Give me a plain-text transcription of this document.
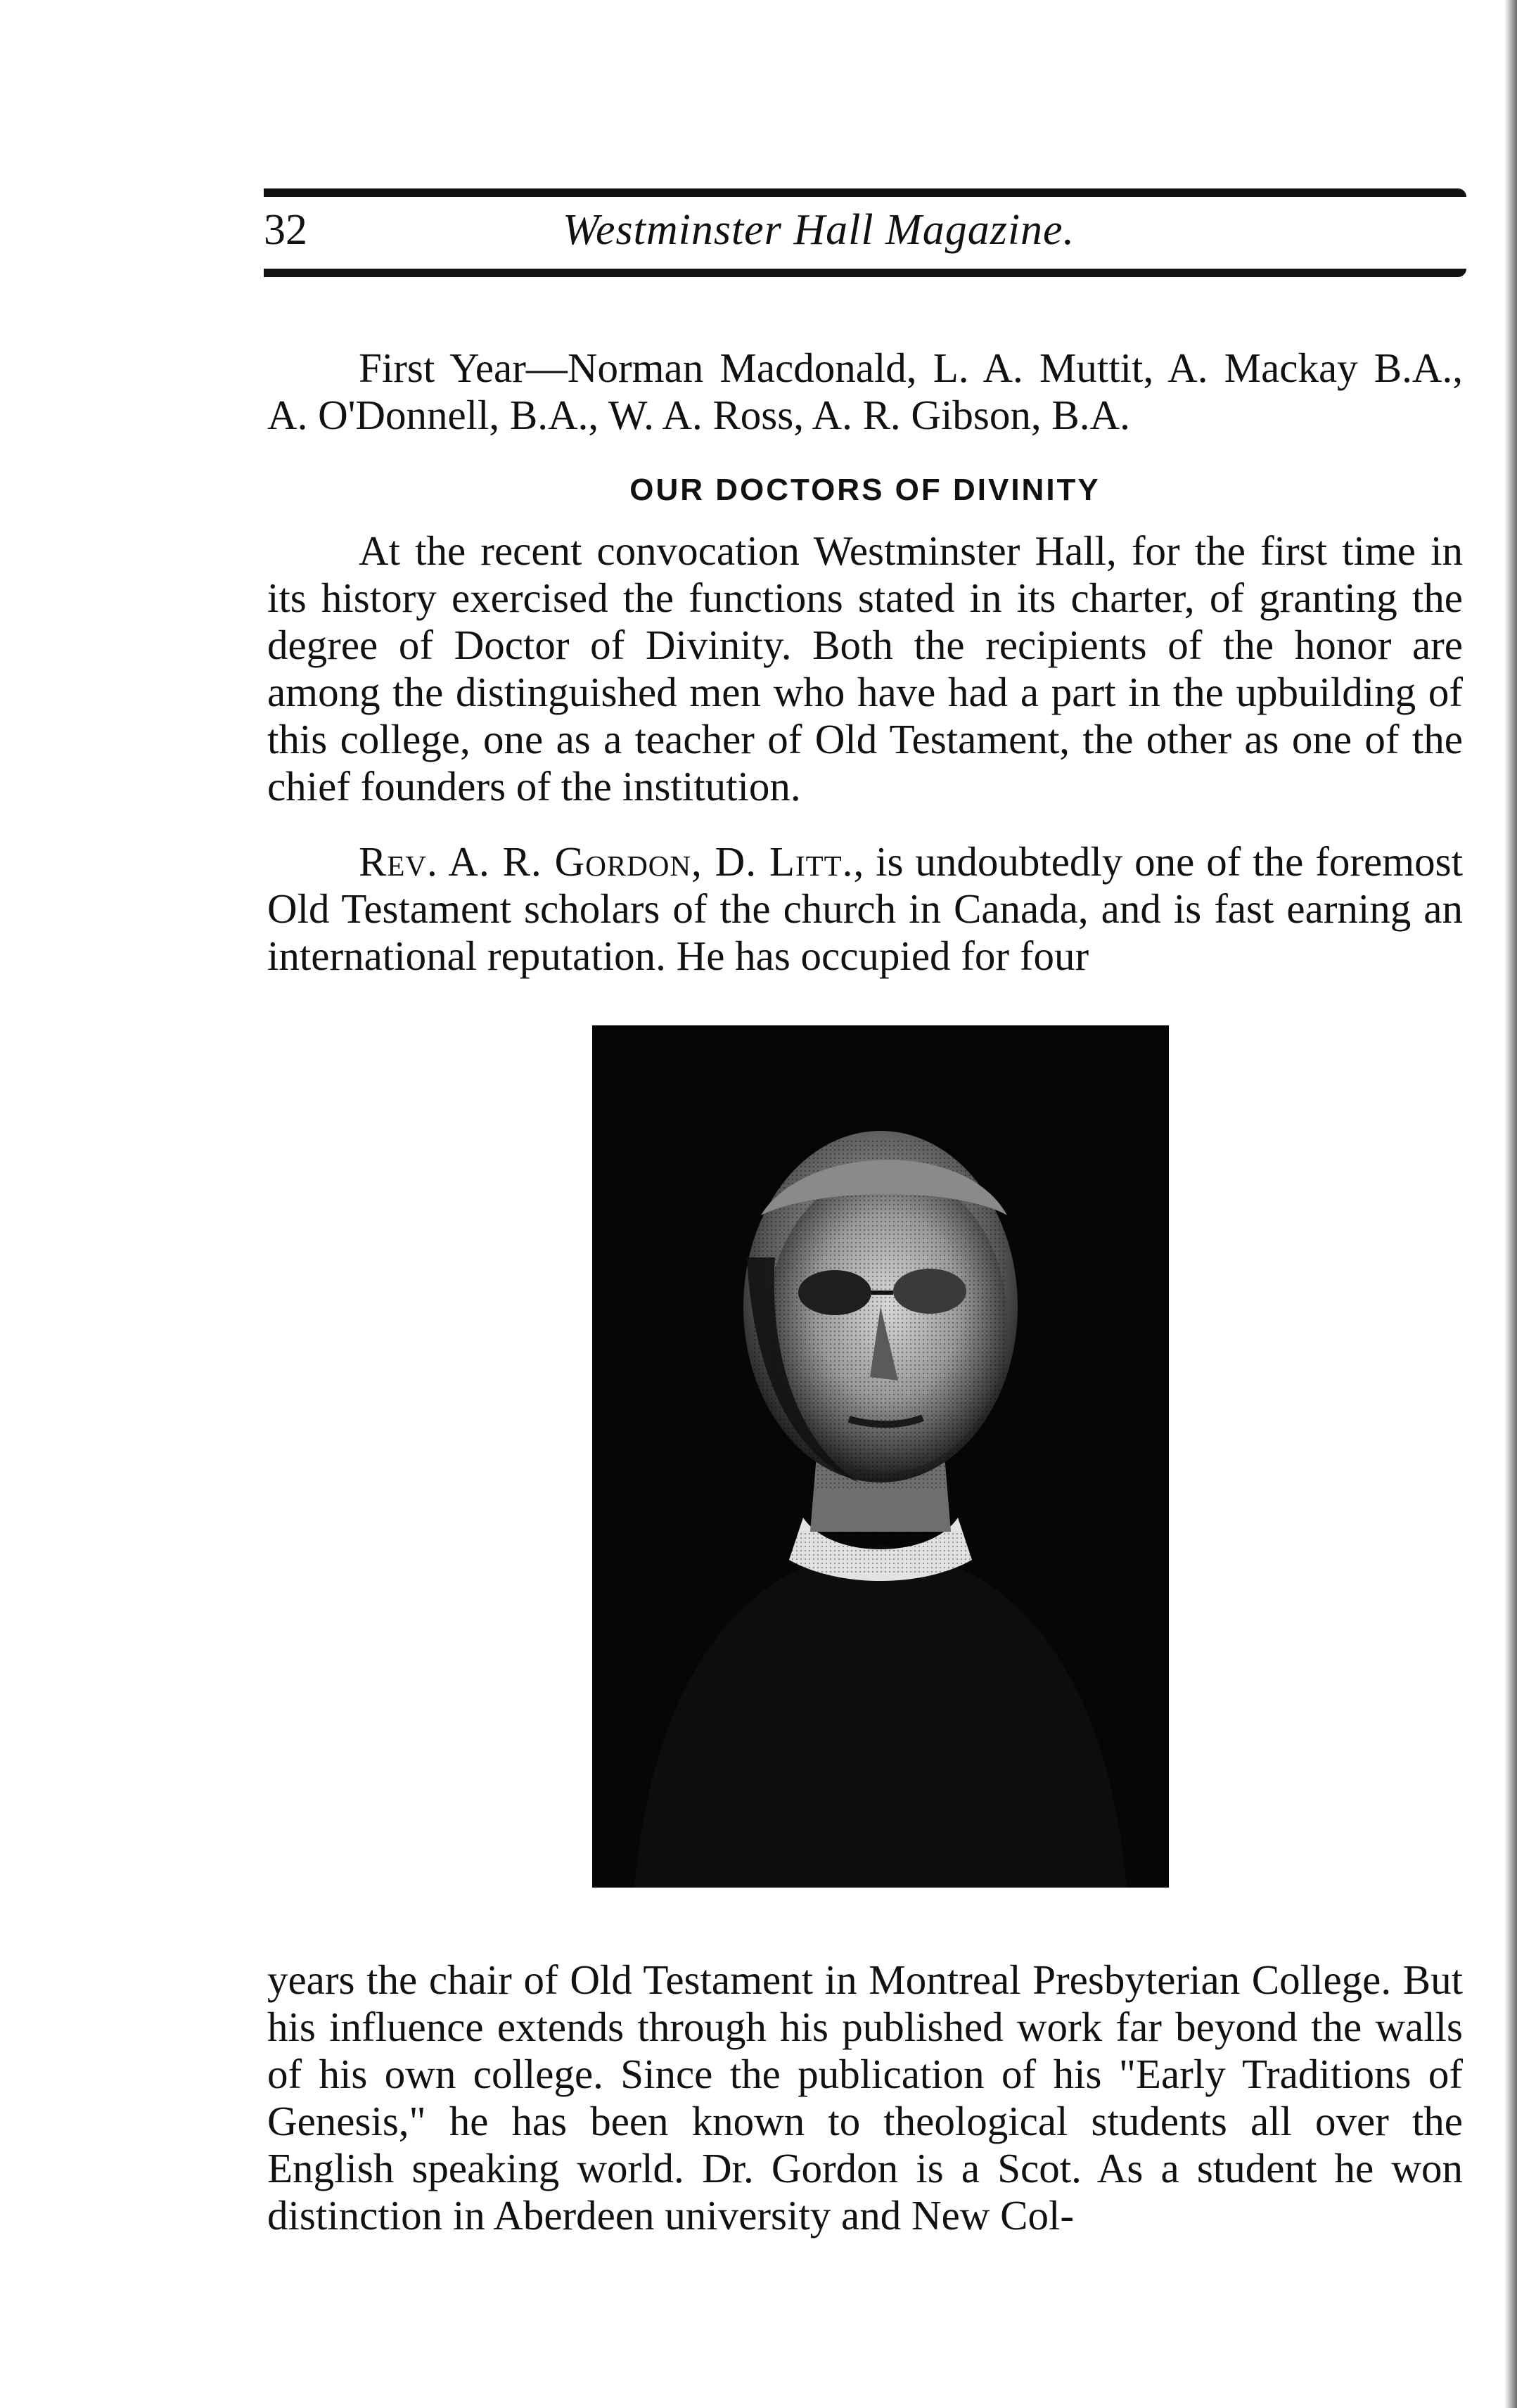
32	Westminster Hall Magazine.
First Year—Norman Macdonald, L. A. Muttit, A. Mackay B.A., A. O'Donnell, B.A., W. A. Ross, A. R. Gibson, B.A.
OUR DOCTORS OF DIVINITY
At the recent convocation Westminster Hall, for the first time in its history exercised the functions stated in its charter, of granting the degree of Doctor of Divinity. Both the recipients of the honor are among the distinguished men who have had a part in the upbuilding of this college, one as a teacher of Old Testament, the other as one of the chief founders of the institution.
Rev. A. R. Gordon, D. Litt., is undoubtedly one of the foremost Old Testament scholars of the church in Canada, and is fast earning an international reputation. He has occupied for four
years the chair of Old Testament in Montreal Presbyterian College. But his influence extends through his published work far beyond the walls of his own college. Since the publication of his "Early Traditions of Genesis," he has been known to theological students all over the English speaking world. Dr. Gordon is a Scot. As a student he won distinction in Aberdeen university and New Col-
